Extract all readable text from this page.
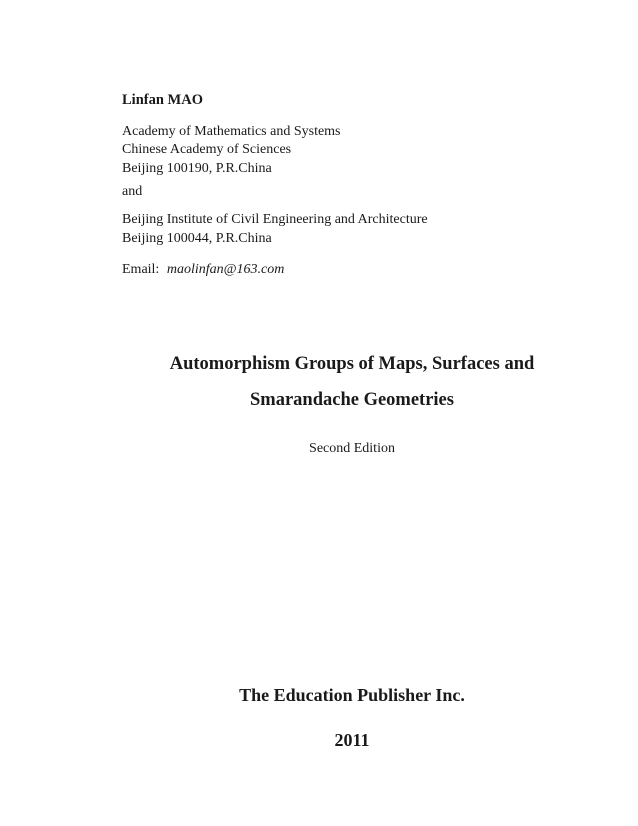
Linfan MAO
Academy of Mathematics and Systems
Chinese Academy of Sciences
Beijing 100190, P.R.China
and
Beijing Institute of Civil Engineering and Architecture
Beijing 100044, P.R.China
Email: maolinfan@163.com
Automorphism Groups of Maps, Surfaces and
Smarandache Geometries
Second Edition
The Education Publisher Inc.
2011
